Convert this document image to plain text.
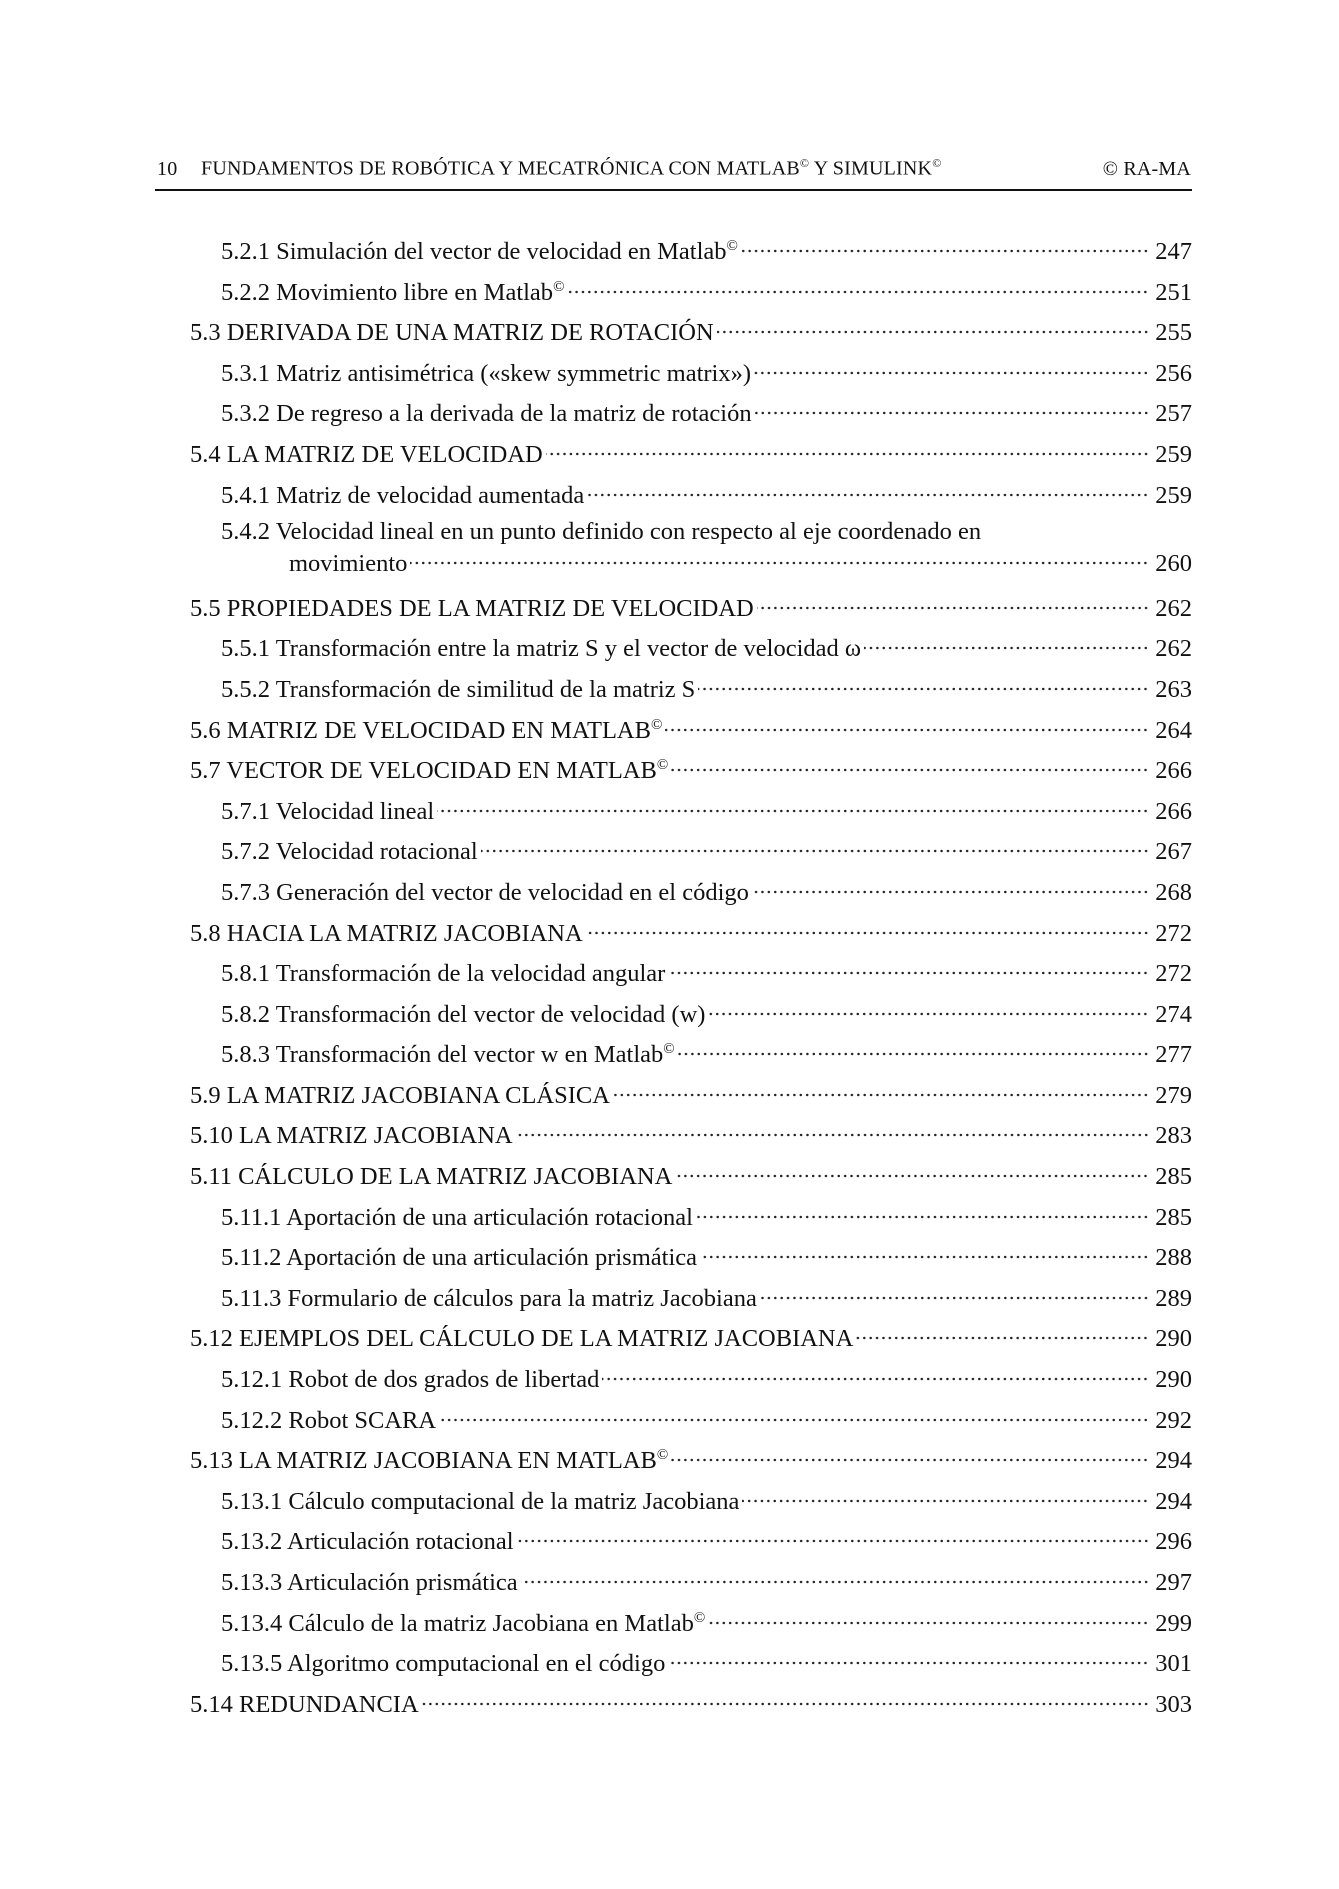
10	FUNDAMENTOS DE ROBÓTICA Y MECATRÓNICA CON MATLAB© Y SIMULINK©	© RA-MA
5.2.1 Simulación del vector de velocidad en Matlab©	247
5.2.2 Movimiento libre en Matlab©	251
5.3 DERIVADA DE UNA MATRIZ DE ROTACIÓN	255
5.3.1 Matriz antisimétrica («skew symmetric matrix»)	256
5.3.2 De regreso a la derivada de la matriz de rotación	257
5.4 LA MATRIZ DE VELOCIDAD	259
5.4.1 Matriz de velocidad aumentada	259
5.4.2 Velocidad lineal en un punto definido con respecto al eje coordenado en
movimiento	260
5.5 PROPIEDADES DE LA MATRIZ DE VELOCIDAD	262
5.5.1 Transformación entre la matriz S y el vector de velocidad ω	262
5.5.2 Transformación de similitud de la matriz S	263
5.6 MATRIZ DE VELOCIDAD EN MATLAB©	264
5.7 VECTOR DE VELOCIDAD EN MATLAB©	266
5.7.1 Velocidad lineal	266
5.7.2 Velocidad rotacional	267
5.7.3 Generación del vector de velocidad en el código	268
5.8 HACIA LA MATRIZ JACOBIANA	272
5.8.1 Transformación de la velocidad angular	272
5.8.2 Transformación del vector de velocidad (w)	274
5.8.3 Transformación del vector w en Matlab©	277
5.9 LA MATRIZ JACOBIANA CLÁSICA	279
5.10 LA MATRIZ JACOBIANA	283
5.11 CÁLCULO DE LA MATRIZ JACOBIANA	285
5.11.1 Aportación de una articulación rotacional	285
5.11.2 Aportación de una articulación prismática	288
5.11.3 Formulario de cálculos para la matriz Jacobiana	289
5.12 EJEMPLOS DEL CÁLCULO DE LA MATRIZ JACOBIANA	290
5.12.1 Robot de dos grados de libertad	290
5.12.2 Robot SCARA	292
5.13 LA MATRIZ JACOBIANA EN MATLAB©	294
5.13.1 Cálculo computacional de la matriz Jacobiana	294
5.13.2 Articulación rotacional	296
5.13.3 Articulación prismática	297
5.13.4 Cálculo de la matriz Jacobiana en Matlab©	299
5.13.5 Algoritmo computacional en el código	301
5.14 REDUNDANCIA	303
